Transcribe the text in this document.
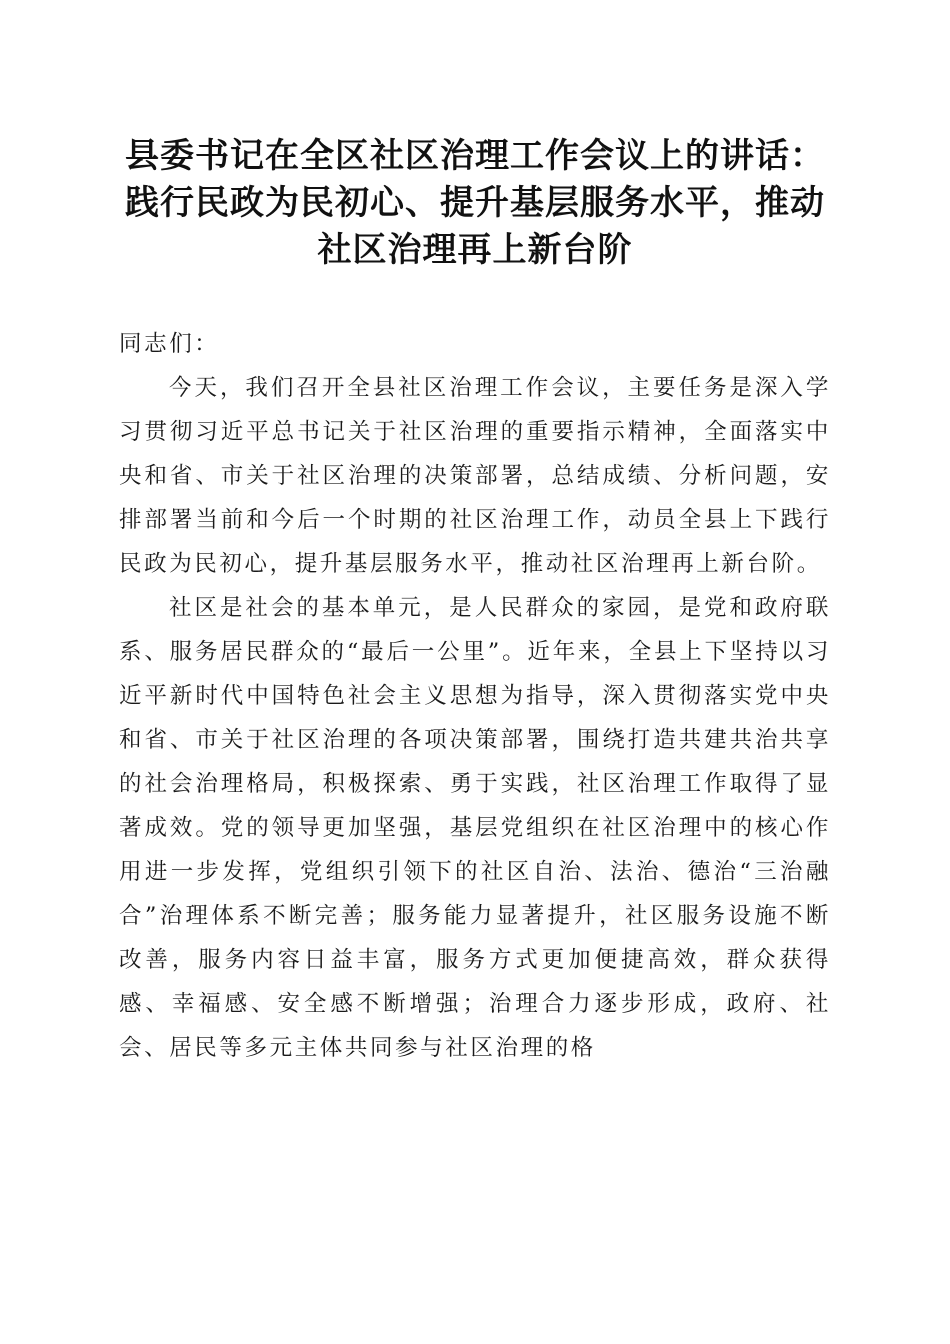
县委书记在全区社区治理工作会议上的讲话：
践行民政为民初心、提升基层服务水平，推动
社区治理再上新台阶

同志们：

今天，我们召开全县社区治理工作会议，主要任务是深入学习贯彻习近平总书记关于社区治理的重要指示精神，全面落实中央和省、市关于社区治理的决策部署，总结成绩、分析问题，安排部署当前和今后一个时期的社区治理工作，动员全县上下践行民政为民初心，提升基层服务水平，推动社区治理再上新台阶。

社区是社会的基本单元，是人民群众的家园，是党和政府联系、服务居民群众的“最后一公里”。近年来，全县上下坚持以习近平新时代中国特色社会主义思想为指导，深入贯彻落实党中央和省、市关于社区治理的各项决策部署，围绕打造共建共治共享的社会治理格局，积极探索、勇于实践，社区治理工作取得了显著成效。党的领导更加坚强，基层党组织在社区治理中的核心作用进一步发挥，党组织引领下的社区自治、法治、德治“三治融合”治理体系不断完善；服务能力显著提升，社区服务设施不断改善，服务内容日益丰富，服务方式更加便捷高效，群众获得感、幸福感、安全感不断增强；治理合力逐步形成，政府、社会、居民等多元主体共同参与社区治理的格
